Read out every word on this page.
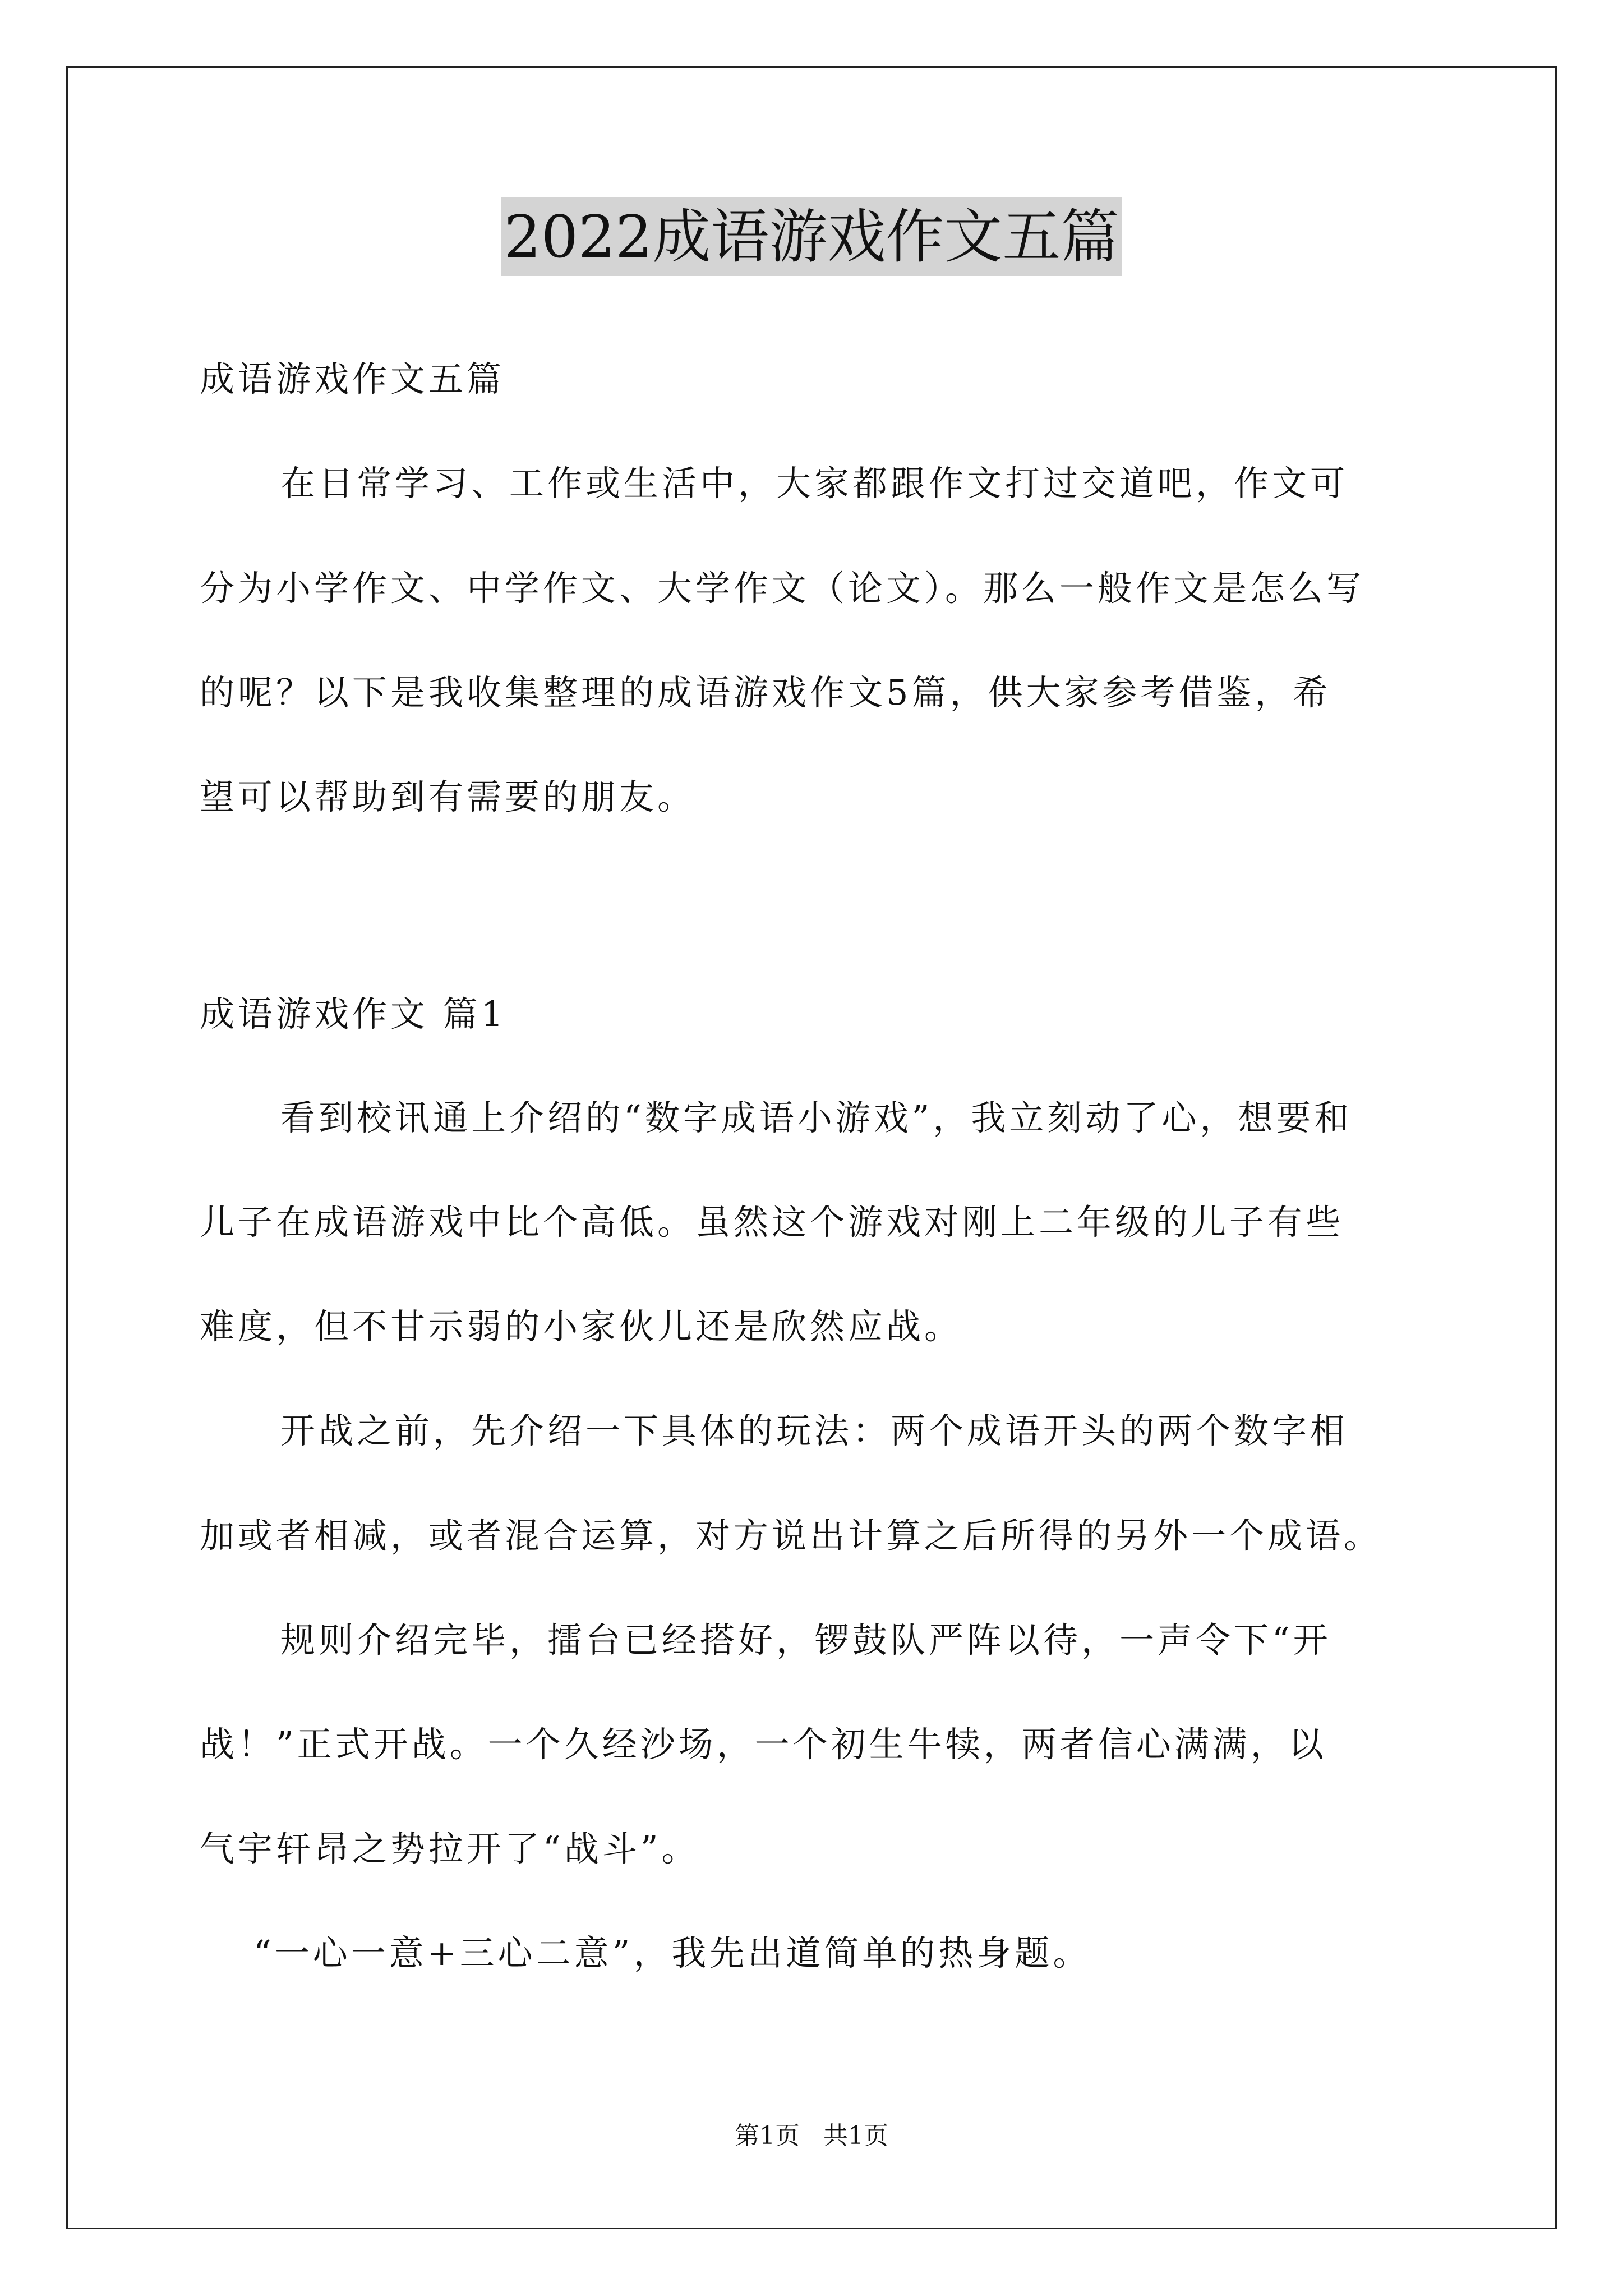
2022成语游戏作文五篇
成语游戏作文五篇
在日常学习、工作或生活中，大家都跟作文打过交道吧，作文可
分为小学作文、中学作文、大学作文（论文）。那么一般作文是怎么写
的呢？以下是我收集整理的成语游戏作文5篇，供大家参考借鉴，希
望可以帮助到有需要的朋友。
成语游戏作文 篇1
看到校讯通上介绍的“数字成语小游戏”，我立刻动了心，想要和
儿子在成语游戏中比个高低。虽然这个游戏对刚上二年级的儿子有些
难度，但不甘示弱的小家伙儿还是欣然应战。
开战之前，先介绍一下具体的玩法：两个成语开头的两个数字相
加或者相减，或者混合运算，对方说出计算之后所得的另外一个成语。
规则介绍完毕，擂台已经搭好，锣鼓队严阵以待，一声令下“开
战！”正式开战。一个久经沙场，一个初生牛犊，两者信心满满，以
气宇轩昂之势拉开了“战斗”。
“一心一意+三心二意”，我先出道简单的热身题。
第1页 共1页
